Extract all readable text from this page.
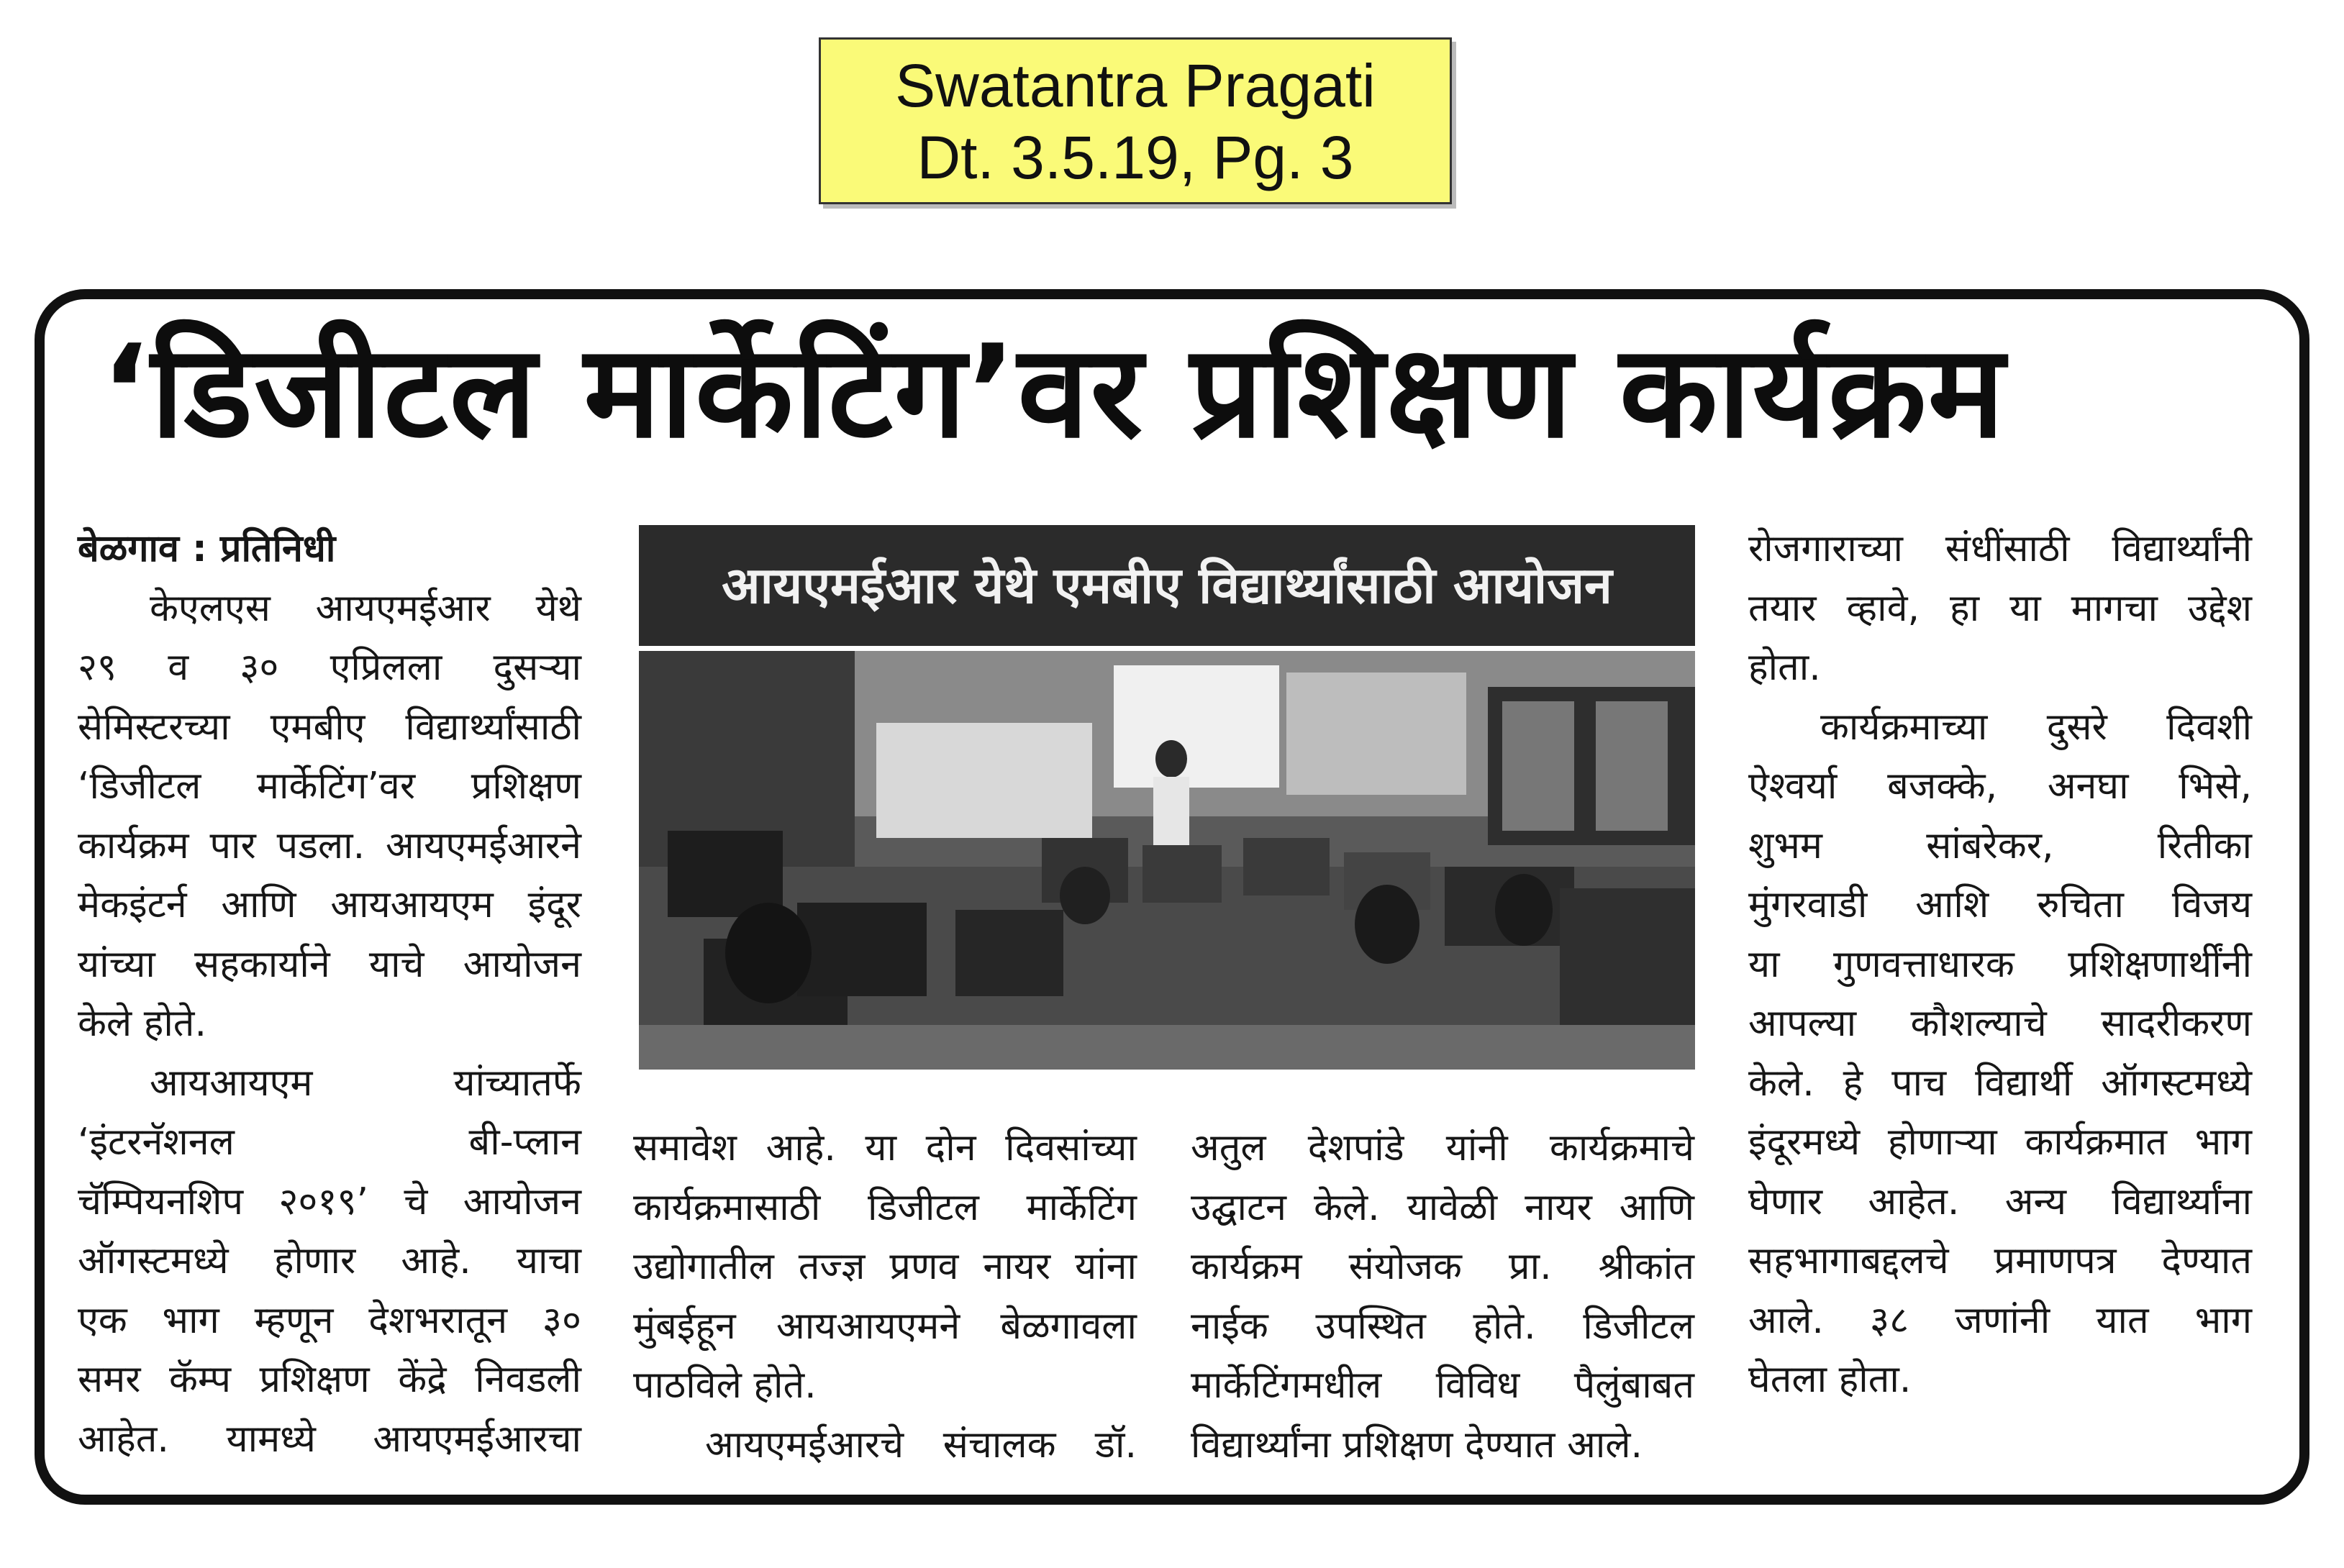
Swatantra Pragati
Dt. 3.5.19, Pg. 3
‘डिजीटल मार्केटिंग’वर प्रशिक्षण कार्यक्रम

बेळगाव : प्रतिनिधी

केएलएस आयएमईआर येथे

२९ व ३० एप्रिलला दुसऱ्या

सेमिस्टरच्या एमबीए विद्यार्थ्यांसाठी

‘डिजीटल मार्केटिंग’वर प्रशिक्षण

कार्यक्रम पार पडला. आयएमईआरने

मेकइंटर्न आणि आयआयएम इंदूर

यांच्या सहकार्याने याचे आयोजन

केले होते.

आयआयएम यांच्यातर्फे

‘इंटरनॅशनल बी-प्लान

चॅम्पियनशिप २०१९’ चे आयोजन

ऑगस्टमध्ये होणार आहे. याचा

एक भाग म्हणून देशभरातून ३०

समर कॅम्प प्रशिक्षण केंद्रे निवडली

आहेत. यामध्ये आयएमईआरचा

आयएमईआर येथे एमबीए विद्यार्थ्यांसाठी आयोजन

समावेश आहे. या दोन दिवसांच्या

कार्यक्रमासाठी डिजीटल मार्केटिंग

उद्योगातील तज्ज्ञ प्रणव नायर यांना

मुंबईहून आयआयएमने बेळगावला

पाठविले होते.

आयएमईआरचे संचालक डॉ.

अतुल देशपांडे यांनी कार्यक्रमाचे

उद्घाटन केले. यावेळी नायर आणि

कार्यक्रम संयोजक प्रा. श्रीकांत

नाईक उपस्थित होते. डिजीटल

मार्केटिंगमधील विविध पैलुंबाबत

विद्यार्थ्यांना प्रशिक्षण देण्यात आले.

रोजगाराच्या संधींसाठी विद्यार्थ्यांनी

तयार व्हावे, हा या मागचा उद्देश

होता.

कार्यक्रमाच्या दुसरे दिवशी

ऐश्वर्या बजक्के, अनघा भिसे,

शुभम सांबरेकर, रितीका

मुंगरवाडी आशि रुचिता विजय

या गुणवत्ताधारक प्रशिक्षणार्थींनी

आपल्या कौशल्याचे सादरीकरण

केले. हे पाच विद्यार्थी ऑगस्टमध्ये

इंदूरमध्ये होणाऱ्या कार्यक्रमात भाग

घेणार आहेत. अन्य विद्यार्थ्यांना

सहभागाबद्दलचे प्रमाणपत्र देण्यात

आले. ३८ जणांनी यात भाग

घेतला होता.
